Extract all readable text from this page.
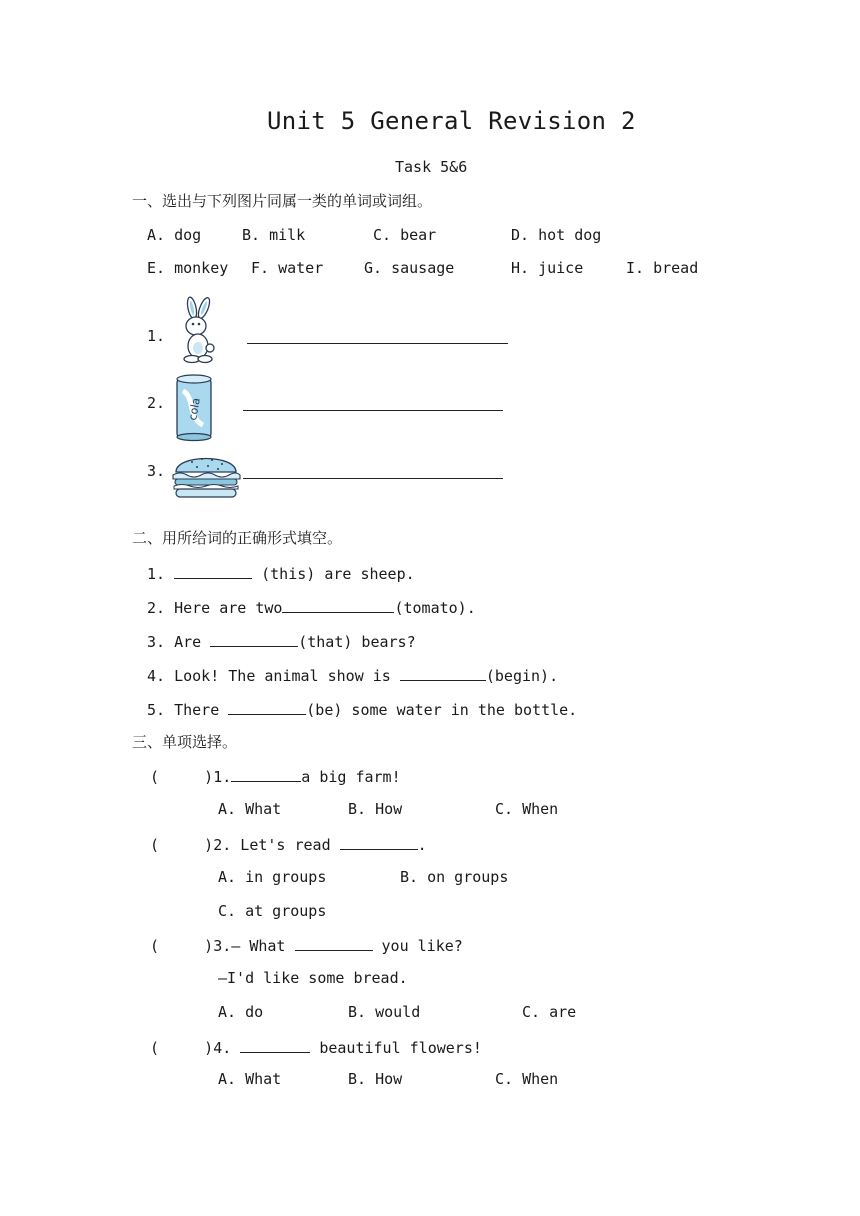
Unit 5 General Revision 2
Task 5&6
一、选出与下列图片同属一类的单词或词组。
A. dog	B. milk	C. bear	D. hot dog
E. monkey F. water	G. sausage	H. juice	I. bread
1.
2. cola
3.
二、用所给词的正确形式填空。
1.	(this) are sheep.
2. Here are two	(tomato).
3. Are	(that) bears?
4. Look! The animal show is	(begin).
5. There	(be) some water in the bottle.
三、单项选择。
(     )1.	a big farm!
A. What	B. How	C. When
(     )2. Let's read	.
A. in groups	B. on groups
C. at groups
(     )3.— What	you like?
—I'd like some bread.
A. do	B. would	C. are
(     )4.	beautiful flowers!
A. What	B. How	C. When
